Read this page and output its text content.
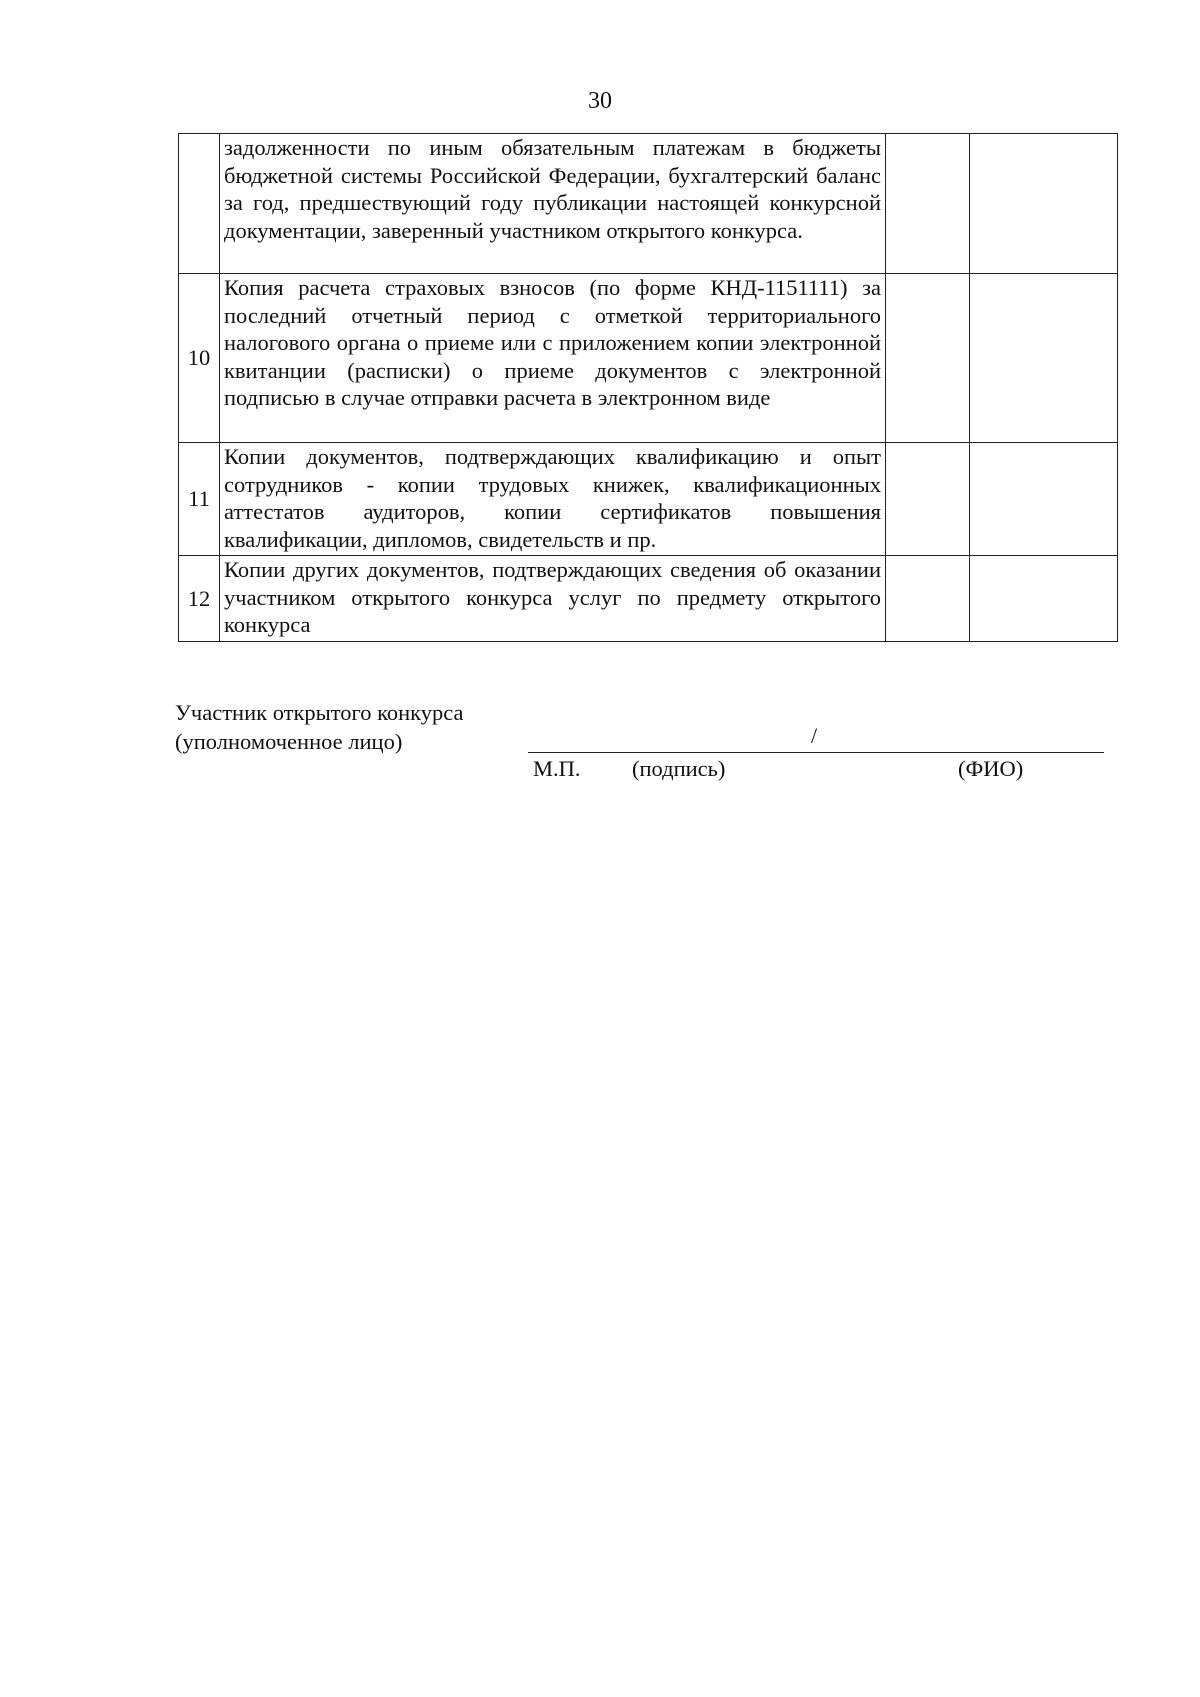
30
	задолженности по иным обязательным платежам в бюджеты бюджетной системы Российской Федерации, бухгалтерский баланс за год, предшествующий году публикации настоящей конкурсной документации, заверенный участником открытого конкурса.		
10	Копия расчета страховых взносов (по форме КНД-1151111) за последний отчетный период с отметкой территориального налогового органа о приеме или с приложением копии электронной квитанции (расписки) о приеме документов с электронной подписью в случае отправки расчета в электронном виде		
11	Копии документов, подтверждающих квалификацию и опыт сотрудников - копии трудовых книжек, квалификационных аттестатов аудиторов, копии сертификатов повышения квалификации, дипломов, свидетельств и пр.		
12	Копии других документов, подтверждающих сведения об оказании участником открытого конкурса услуг по предмету открытого конкурса		
Участник открытого конкурса
(уполномоченное лицо)	/
М.П. (подпись)	(ФИО)
